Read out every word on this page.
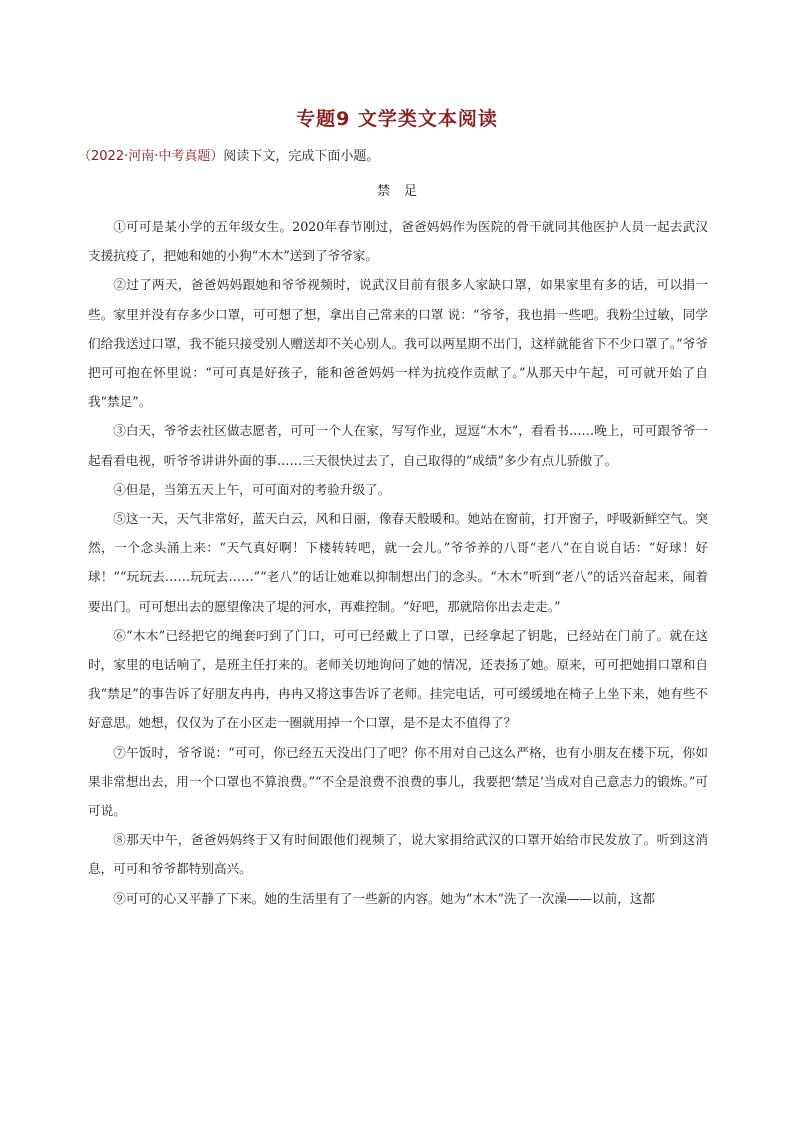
专题9 文学类文本阅读
（2022·河南·中考真题）阅读下文，完成下面小题。
禁足

①可可是某小学的五年级女生。2020年春节刚过，爸爸妈妈作为医院的骨干就同其他医护人员一起去武汉支援抗疫了，把她和她的小狗“木木”送到了爷爷家。

②过了两天，爸爸妈妈跟她和爷爷视频时，说武汉目前有很多人家缺口罩，如果家里有多的话，可以捐一些。家里并没有存多少口罩，可可想了想，拿出自己常来的口罩 说：“爷爷，我也捐一些吧。我粉尘过敏，同学们给我送过口罩，我不能只接受别人赠送却不关心别人。我可以两星期不出门，这样就能省下不少口罩了。”爷爷把可可抱在怀里说：“可可真是好孩子，能和爸爸妈妈一样为抗疫作贡献了。”从那天中午起，可可就开始了自我“禁足”。

③白天，爷爷去社区做志愿者，可可一个人在家，写写作业，逗逗“木木”，看看书……晚上，可可跟爷爷一起看看电视，听爷爷讲讲外面的事……三天很快过去了，自己取得的“成绩”多少有点儿骄傲了。

④但是，当第五天上午，可可面对的考验升级了。

⑤这一天，天气非常好，蓝天白云，风和日丽，像春天般暖和。她站在窗前，打开窗子，呼吸新鲜空气。突然，一个念头涌上来：“天气真好啊！下楼转转吧，就一会儿。”爷爷养的八哥“老八”在自说自话：“好球！好球！”“玩玩去……玩玩去……”“老八”的话让她难以抑制想出门的念头。“木木”听到“老八”的话兴奋起来，闹着要出门。可可想出去的愿望像决了堤的河水，再难控制。“好吧，那就陪你出去走走。”

⑥“木木”已经把它的绳套叼到了门口，可可已经戴上了口罩，已经拿起了钥匙，已经站在门前了。就在这时，家里的电话响了，是班主任打来的。老师关切地询问了她的情况，还表扬了她。原来，可可把她捐口罩和自我“禁足”的事告诉了好朋友冉冉，冉冉又将这事告诉了老师。挂完电话，可可缓缓地在椅子上坐下来，她有些不好意思。她想，仅仅为了在小区走一圈就用掉一个口罩，是不是太不值得了？

⑦午饭时，爷爷说：“可可，你已经五天没出门了吧？你不用对自己这么严格，也有小朋友在楼下玩，你如果非常想出去，用一个口罩也不算浪费。”“不全是浪费不浪费的事儿，我要把‘禁足’当成对自己意志力的锻炼。”可可说。

⑧那天中午，爸爸妈妈终于又有时间跟他们视频了，说大家捐给武汉的口罩开始给市民发放了。听到这消息，可可和爷爷都特别高兴。

⑨可可的心又平静了下来。她的生活里有了一些新的内容。她为“木木”洗了一次澡——以前，这都
